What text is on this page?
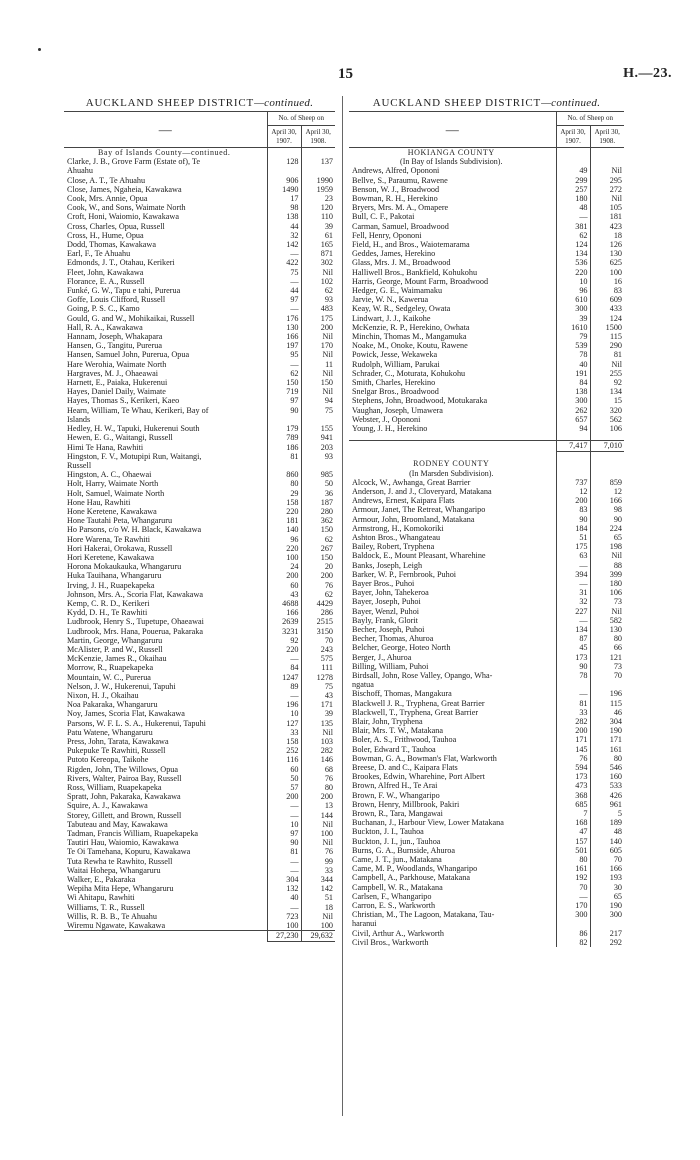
15	H.—23.
AUCKLAND SHEEP DISTRICT—continued.
—	No. of Sheep on	
	April 30, 1907.	April 30, 1908.
Bay of Islands County—continued.		
Clarke, J. B., Grove Farm (Estate of), Te	128	137
Ahuahu		
Close, A. T., Te Ahuahu	906	1990
Close, James, Ngaheia, Kawakawa	1490	1959
Cook, Mrs. Annie, Opua	17	23
Cook, W., and Sons, Waimate North	98	120
Croft, Honi, Waiomio, Kawakawa	138	110
Cross, Charles, Opua, Russell	44	39
Cross, H., Hume, Opua	32	61
Dodd, Thomas, Kawakawa	142	165
Earl, F., Te Ahuahu	—	871
Edmonds, J. T., Otahau, Kerikeri	422	302
Fleet, John, Kawakawa	75	Nil
Florance, E. A., Russell	—	102
Funké, G. W., Tapu e tahi, Pureruа	44	62
Goffe, Louis Clifford, Russell	97	93
Going, P. S. C., Kamo	—	483
Gould, G. and W., Mohikaikai, Russell	176	175
Hall, R. A., Kawakawa	130	200
Hannam, Joseph, Whakapara	166	Nil
Hansen, G., Tangitu, Pureruа	197	170
Hansen, Samuel John, Pureruа, Opua	95	Nil
Hare Werohia, Waimate North	—	11
Hargraves, M. J., Ohaeawai	62	Nil
Harnett, E., Paiaka, Hukerenui	150	150
Hayes, Daniel Daily, Waimate	719	Nil
Hayes, Thomas S., Kerikeri, Kaeo	97	94
Hearn, William, Te Whau, Kerikeri, Bay of	90	75
Islands		
Hedley, H. W., Tapuki, Hukerenui South	179	155
Hewen, E. G., Waitangi, Russell	789	941
Himi Te Hana, Rawhiti	186	203
Hingston, F. V., Motupipi Run, Waitangi,	81	93
Russell		
Hingston, A. C., Ohaewai	860	985
Holt, Harry, Waimate North	80	50
Holt, Samuel, Waimate North	29	36
Hone Hau, Rawhiti	158	187
Hone Keretene, Kawakawa	220	280
Hone Tautahi Peta, Whangaruru	181	362
Ho Parsons, c/o W. H. Black, Kawakawa	140	150
Hore Warena, Te Rawhiti	96	62
Hori Hakerai, Orokawa, Russell	220	267
Hori Keretene, Kawakawa	100	150
Horona Mokaukauka, Whangaruru	24	20
Huka Tauihana, Whangaruru	200	200
Irving, J. H., Ruapekapeka	60	76
Johnson, Mrs. A., Scoria Flat, Kawakawa	43	62
Kemp, C. R. D., Kerikeri	4688	4429
Kydd, D. H., Te Rawhiti	166	286
Ludbrook, Henry S., Tupetupe, Ohaeawai	2639	2515
Ludbrook, Mrs. Hana, Poueruа, Pakaraka	3231	3150
Martin, George, Whangaruru	92	70
McAlister, P. and W., Russell	220	243
McKenzie, James R., Okaihau	—	575
Morrow, R., Ruapekapeka	84	111
Mountain, W. C., Pureruа	1247	1278
Nelson, J. W., Hukerenui, Tapuhi	89	75
Nixon, H. J., Okaihau	—	43
Noa Pakaraka, Whangaruru	196	171
Noy, James, Scoria Flat, Kawakawa	10	39
Parsons, W. F. L. S. A., Hukerenui, Tapuhi	127	135
Patu Watene, Whangaruru	33	Nil
Press, John, Tarata, Kawakawa	158	103
Pukepuke Te Rawhiti, Russell	252	282
Putoto Kereopa, Taikohe	116	146
Rigden, John, The Willows, Opua	60	68
Rivers, Walter, Pairoa Bay, Russell	50	76
Ross, William, Ruapekapeka	57	80
Spratt, John, Pakaraka, Kawakawa	200	200
Squire, A. J., Kawakawa	—	13
Storey, Gillett, and Brown, Russell	—	144
Tabuteau and May, Kawakawa	10	Nil
Tadman, Francis William, Ruapekapeka	97	100
Tautiri Hau, Waiomio, Kawakawa	90	Nil
Te Oi Tamehana, Kopuru, Kawakawa	81	76
Tuta Rewha te Rawhito, Russell	—	99
Waitai Hohepa, Whangaruru	—	33
Walker, E., Pakaraka	304	344
Wepiha Mita Hepe, Whangaruru	132	142
Wi Ahitapu, Rawhiti	40	51
Williams, T. R., Russell	—	18
Willis, R. B. B., Te Ahuahu	723	Nil
Wiremu Ngawate, Kawakawa	100	100
	27,230	29,632
AUCKLAND SHEEP DISTRICT—continued.
—	No. of Sheep on	
	April 30, 1907.	April 30, 1908.
HOKIANGA COUNTY		
(In Bay of Islands Subdivision).		
Andrews, Alfred, Opononi	49	Nil
Bellve, S., Paraumu, Rawene	299	295
Benson, W. J., Broadwood	257	272
Bowman, R. H., Herekino	180	Nil
Bryers, Mrs. M. A., Omapere	48	105
Bull, C. F., Pakotai	—	181
Carman, Samuel, Broadwood	381	423
Fell, Henry, Opononi	62	18
Field, H., and Bros., Waiotemarama	124	126
Geddes, James, Herekino	134	130
Glass, Mrs. J. M., Broadwood	536	625
Halliwell Bros., Bankfield, Kohukohu	220	100
Harris, George, Mount Farm, Broadwood	10	16
Hedger, G. E., Waimamaku	96	83
Jarvie, W. N., Kaweruа	610	609
Keay, W. R., Sedgeley, Owata	300	433
Lindwart, J. J., Kaikohe	39	124
McKenzie, R. P., Herekino, Owhata	1610	1500
Minchin, Thomas M., Mangamuka	79	115
Noake, M., Onoke, Koutu, Rawene	539	290
Powick, Jesse, Wekaweka	78	81
Rudolph, William, Parukai	40	Nil
Schrader, C., Moturata, Kohukohu	191	255
Smith, Charles, Herekino	84	92
Snelgar Bros., Broadwood	138	134
Stephens, John, Broadwood, Motukaraka	300	15
Vaughan, Joseph, Umawera	262	320
Webster, J., Opononi	657	562
Young, J. H., Herekino	94	106

	7,417	7,010

RODNEY COUNTY		
(In Marsden Subdivision).		
Alcock, W., Awhanga, Great Barrier	737	859
Anderson, J. and J., Cloveryard, Matakana	12	12
Andrews, Ernest, Kaipara Flats	200	166
Armour, Janet, The Retreat, Whangaripo	83	98
Armour, John, Broomland, Matakana	90	90
Armstrong, H., Komokoriki	184	224
Ashton Bros., Whangateau	51	65
Bailey, Robert, Tryphena	175	198
Baldock, E., Mount Pleasant, Wharehine	63	Nil
Banks, Joseph, Leigh	—	88
Barker, W. P., Fernbrook, Puhoi	394	399
Bayer Bros., Puhoi	—	180
Bayer, John, Tahekeroa	31	106
Bayer, Joseph, Puhoi	32	73
Bayer, Wenzl, Puhoi	227	Nil
Bayly, Frank, Glorit	—	582
Becher, Joseph, Puhoi	134	130
Becher, Thomas, Ahuroa	87	80
Belcher, George, Hoteo North	45	66
Berger, J., Ahuroa	173	121
Billing, William, Puhoi	90	73
Birdsall, John, Rose Valley, Opango, Wha-	78	70
ngatua		
Bischoff, Thomas, Mangakura	—	196
Blackwell J. R., Tryphena, Great Barrier	81	115
Blackwell, T., Tryphena, Great Barrier	33	46
Blair, John, Tryphena	282	304
Blair, Mrs. T. W., Matakana	200	190
Boler, A. S., Frithwood, Tauhoa	171	171
Boler, Edward T., Tauhoa	145	161
Bowman, G. A., Bowman's Flat, Warkworth	76	80
Breese, D. and C., Kaipara Flats	594	546
Brookes, Edwin, Wharehine, Port Albert	173	160
Brown, Alfred H., Te Arai	473	533
Brown, F. W., Whangaripo	368	426
Brown, Henry, Millbrook, Pakiri	685	961
Brown, R., Tara, Mangawai	7	5
Buchanan, J., Harbour View, Lower Matakana	168	189
Buckton, J. I., Tauhoa	47	48
Buckton, J. I., jun., Tauhoa	157	140
Burns, G. A., Burnside, Ahuroa	501	605
Came, J. T., jun., Matakana	80	70
Came, M. P., Woodlands, Whangaripo	161	166
Campbell, A., Parkhouse, Matakana	192	193
Campbell, W. R., Matakana	70	30
Carlsen, F., Whangaripo	—	65
Carron, E. S., Warkworth	170	190
Christian, M., The Lagoon, Matakana, Tau-	300	300
haranui		
Civil, Arthur A., Warkworth	86	217
Civil Bros., Warkworth	82	292
